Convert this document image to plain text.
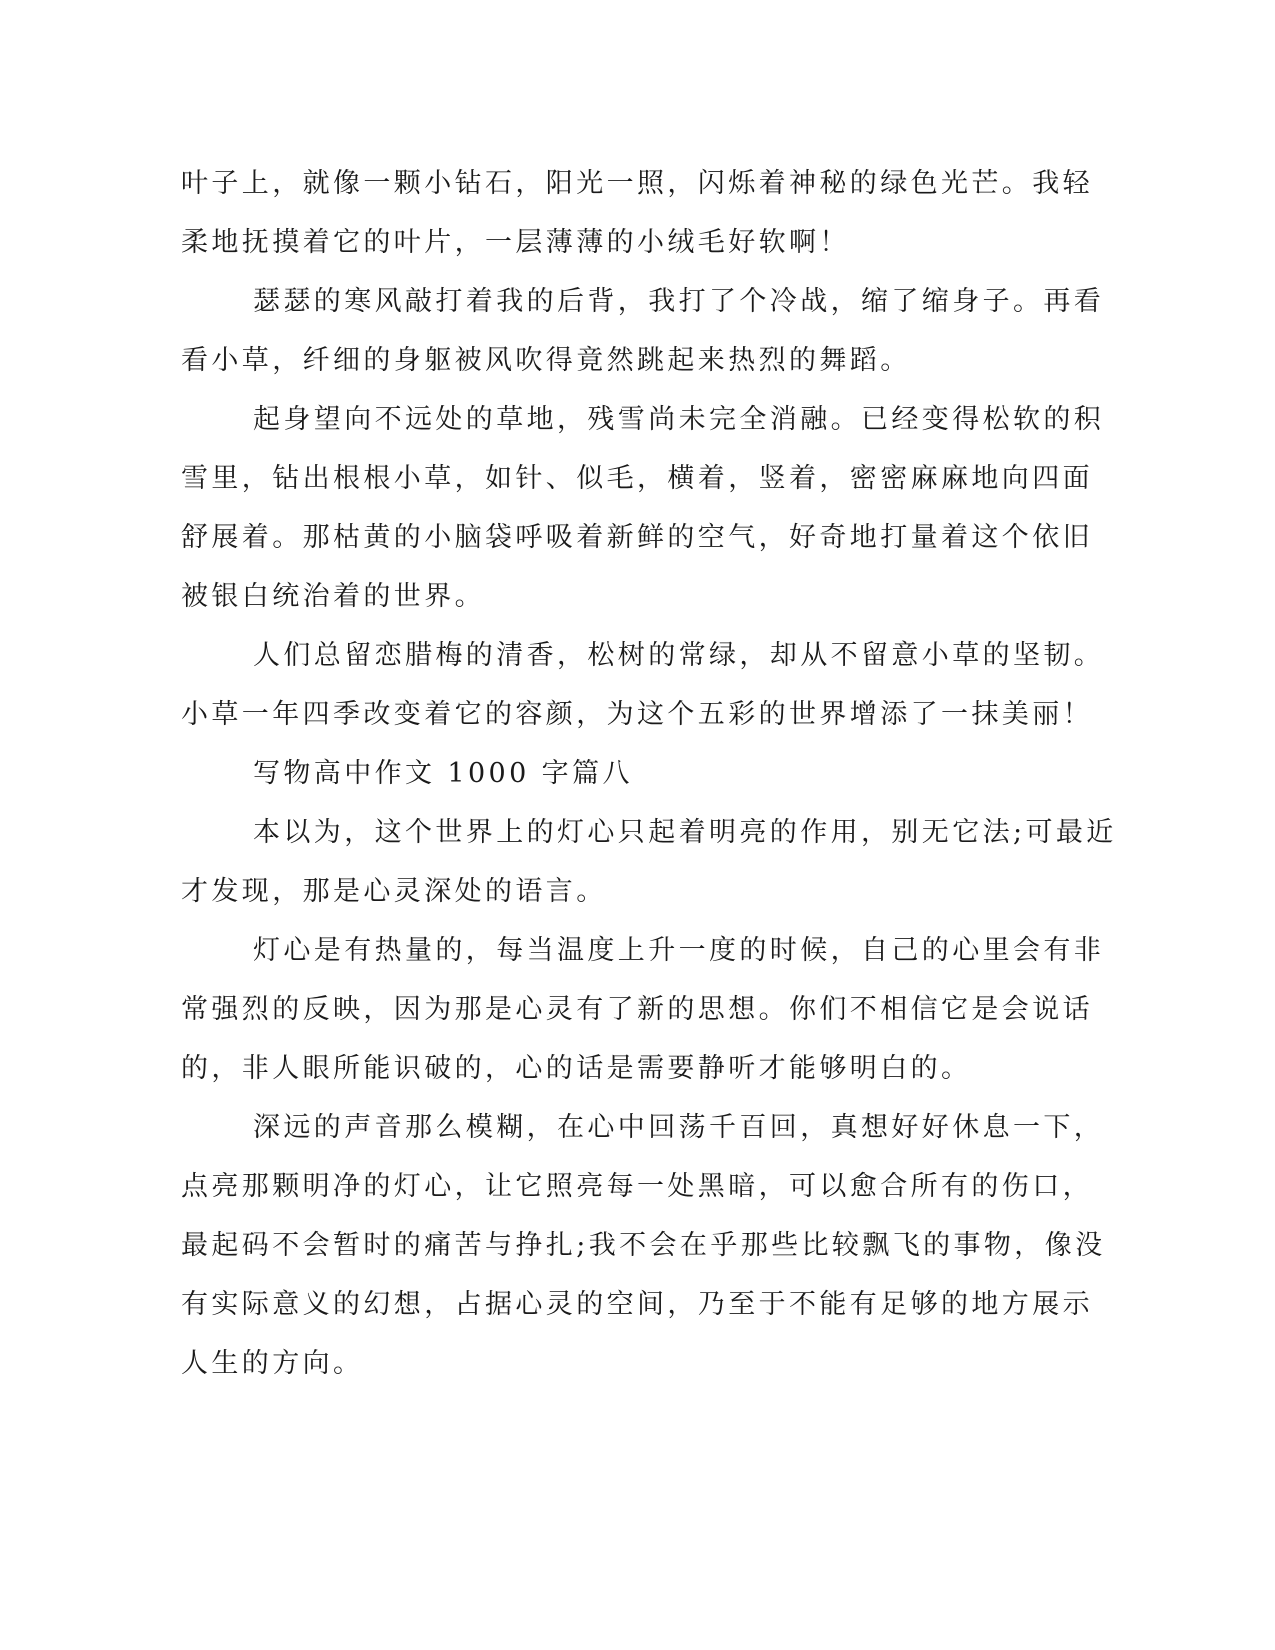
叶子上，就像一颗小钻石，阳光一照，闪烁着神秘的绿色光芒。我轻
柔地抚摸着它的叶片，一层薄薄的小绒毛好软啊！
瑟瑟的寒风敲打着我的后背，我打了个冷战，缩了缩身子。再看
看小草，纤细的身躯被风吹得竟然跳起来热烈的舞蹈。
起身望向不远处的草地，残雪尚未完全消融。已经变得松软的积
雪里，钻出根根小草，如针、似毛，横着，竖着，密密麻麻地向四面
舒展着。那枯黄的小脑袋呼吸着新鲜的空气，好奇地打量着这个依旧
被银白统治着的世界。
人们总留恋腊梅的清香，松树的常绿，却从不留意小草的坚韧。
小草一年四季改变着它的容颜，为这个五彩的世界增添了一抹美丽！
写物高中作文 1000 字篇八
本以为，这个世界上的灯心只起着明亮的作用，别无它法;可最近
才发现，那是心灵深处的语言。
灯心是有热量的，每当温度上升一度的时候，自己的心里会有非
常强烈的反映，因为那是心灵有了新的思想。你们不相信它是会说话
的，非人眼所能识破的，心的话是需要静听才能够明白的。
深远的声音那么模糊，在心中回荡千百回，真想好好休息一下，
点亮那颗明净的灯心，让它照亮每一处黑暗，可以愈合所有的伤口，
最起码不会暂时的痛苦与挣扎;我不会在乎那些比较飘飞的事物，像没
有实际意义的幻想，占据心灵的空间，乃至于不能有足够的地方展示
人生的方向。
